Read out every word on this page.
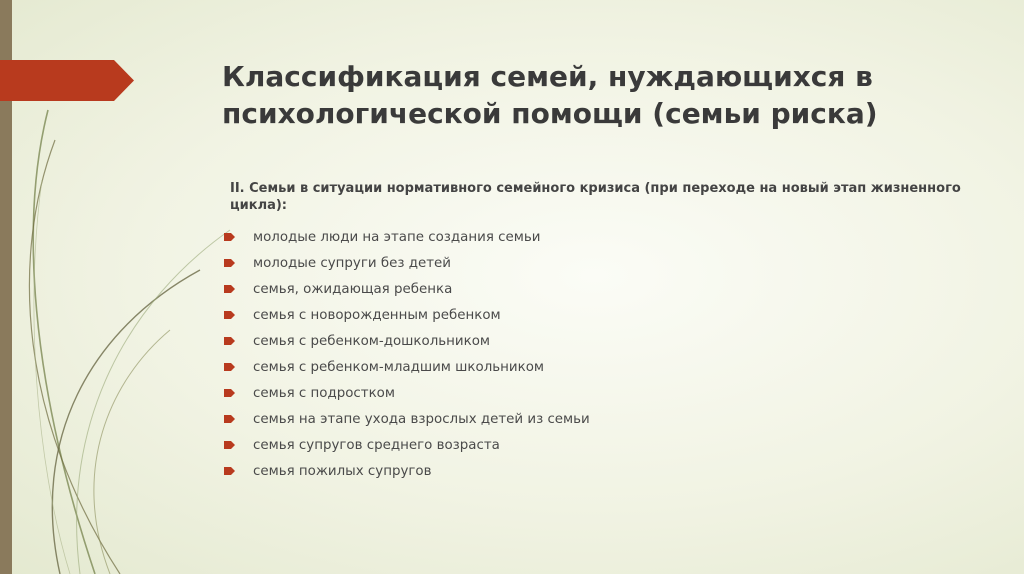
Классификация семей, нуждающихся в
психологической помощи (семьи риска)

II. Семьи в ситуации нормативного семейного кризиса (при переходе на новый этап жизненного цикла):

молодые люди на этапе создания семьи
молодые супруги без детей
семья, ожидающая ребенка
семья с новорожденным ребенком
семья с ребенком-дошкольником
семья с ребенком-младшим школьником
семья с подростком
семья на этапе ухода взрослых детей из семьи
семья супругов среднего возраста
семья пожилых супругов
